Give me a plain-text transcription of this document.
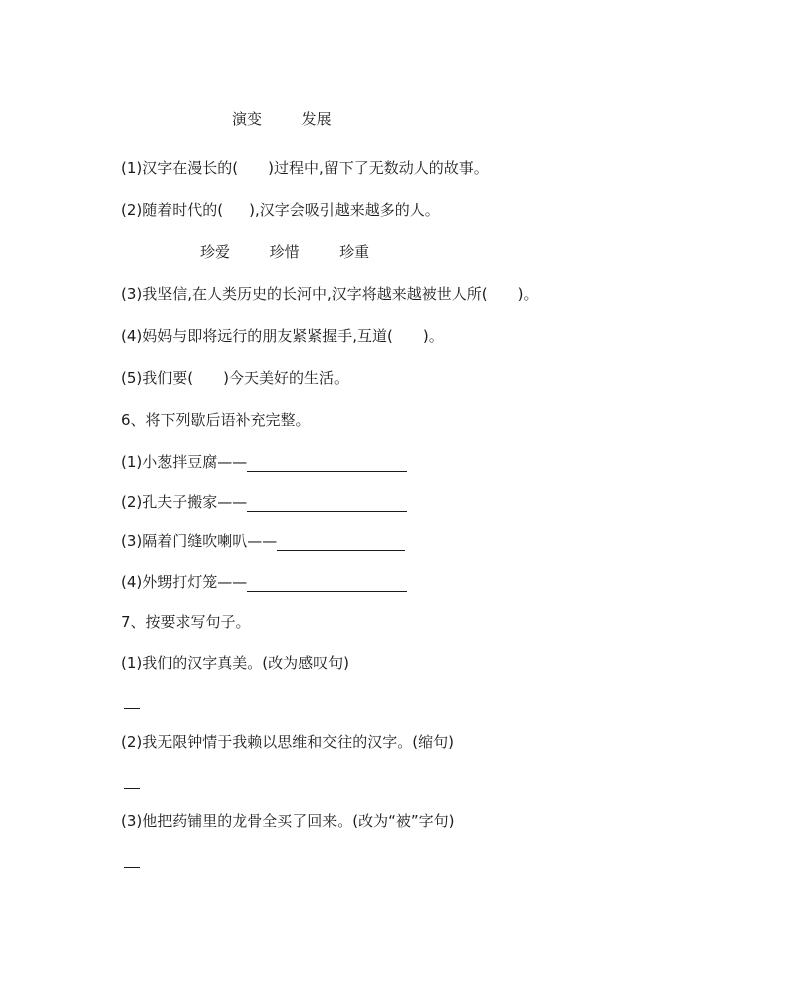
演变	发展
(1)汉字在漫长的( )过程中,留下了无数动人的故事。
(2)随着时代的( ),汉字会吸引越来越多的人。
珍爱	珍惜	珍重
(3)我坚信,在人类历史的长河中,汉字将越来越被世人所( )。
(4)妈妈与即将远行的朋友紧紧握手,互道( )。
(5)我们要( )今天美好的生活。
6、将下列歇后语补充完整。
(1)小葱拌豆腐——
(2)孔夫子搬家——
(3)隔着门缝吹喇叭——
(4)外甥打灯笼——
7、按要求写句子。
(1)我们的汉字真美。(改为感叹句)
(2)我无限钟情于我赖以思维和交往的汉字。(缩句)
(3)他把药铺里的龙骨全买了回来。(改为“被”字句)
